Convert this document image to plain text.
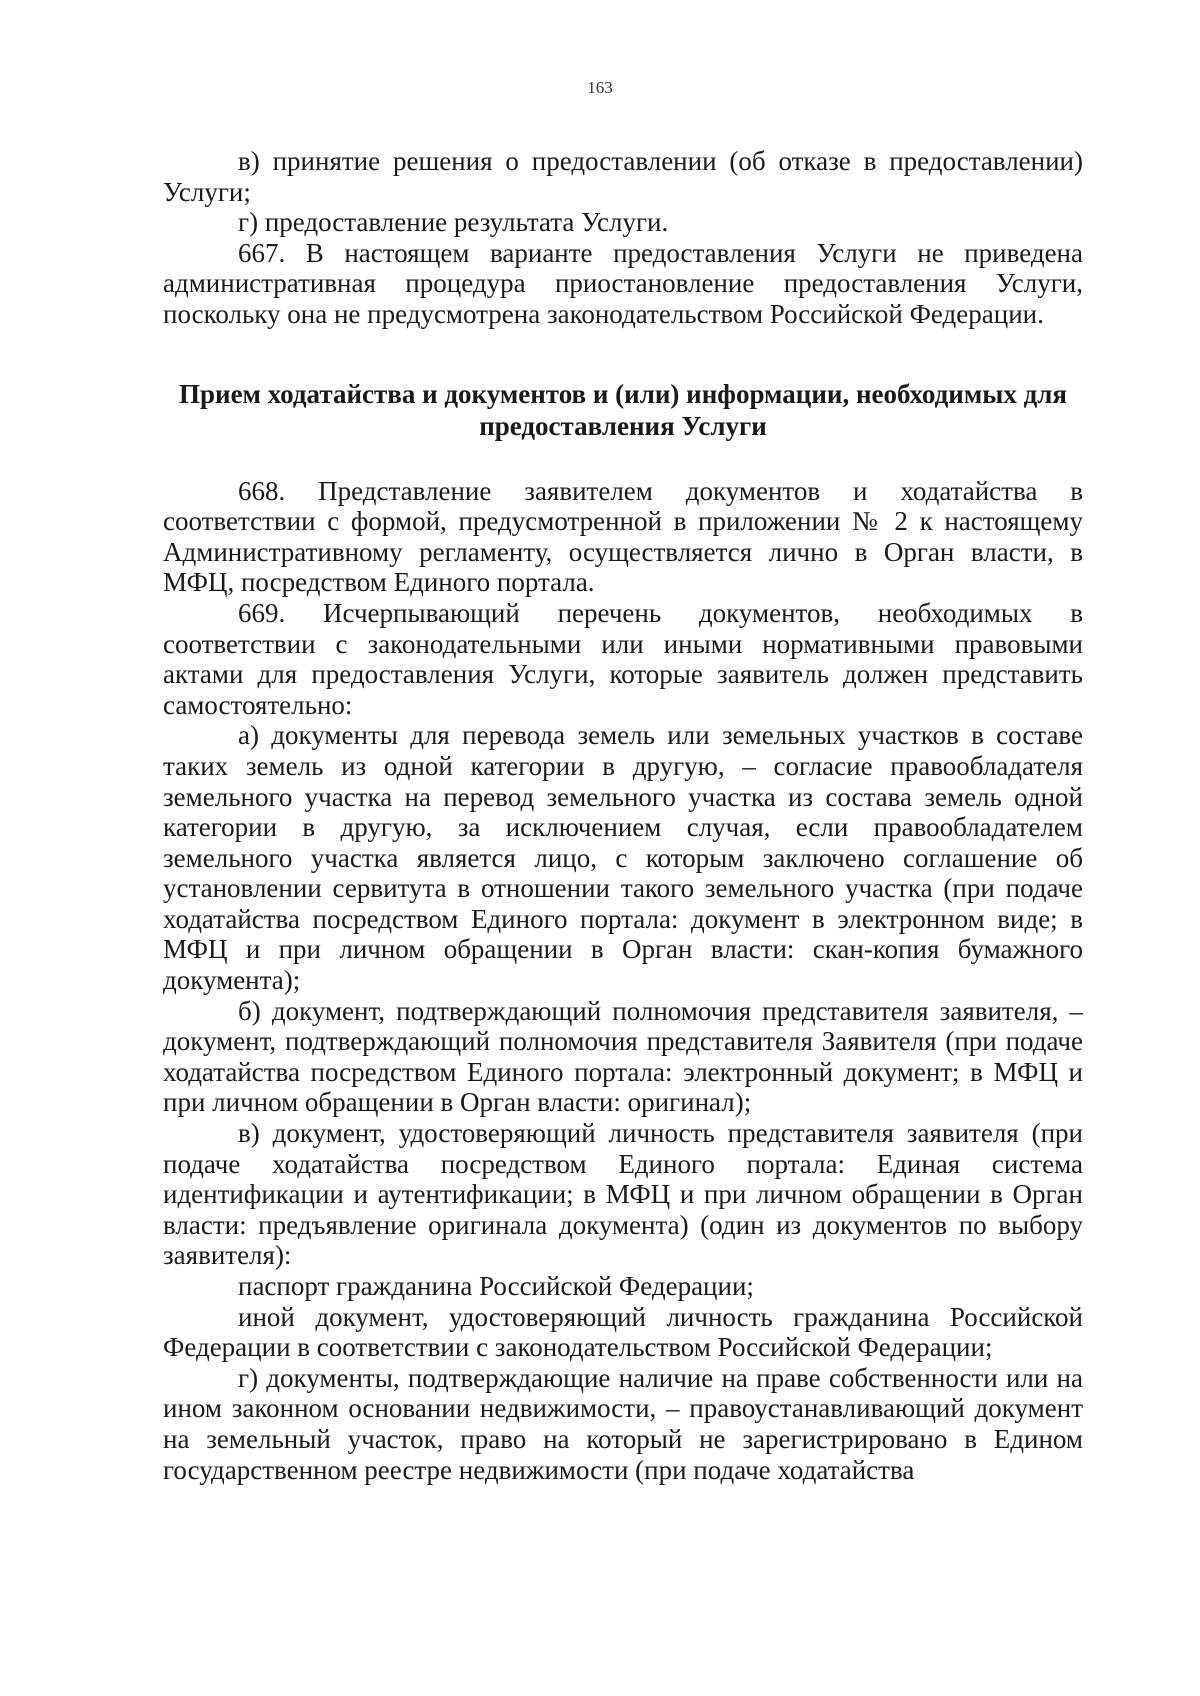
163

в) принятие решения о предоставлении (об отказе в предоставлении) Услуги;

г) предоставление результата Услуги.

667. В настоящем варианте предоставления Услуги не приведена административная процедура приостановление предоставления Услуги, поскольку она не предусмотрена законодательством Российской Федерации.

Прием ходатайства и документов и (или) информации, необходимых для предоставления Услуги

668. Представление заявителем документов и ходатайства в соответствии с формой, предусмотренной в приложении № 2 к настоящему Административному регламенту, осуществляется лично в Орган власти, в МФЦ, посредством Единого портала.

669. Исчерпывающий перечень документов, необходимых в соответствии с законодательными или иными нормативными правовыми актами для предоставления Услуги, которые заявитель должен представить самостоятельно:

а) документы для перевода земель или земельных участков в составе таких земель из одной категории в другую, – согласие правообладателя земельного участка на перевод земельного участка из состава земель одной категории в другую, за исключением случая, если правообладателем земельного участка является лицо, с которым заключено соглашение об установлении сервитута в отношении такого земельного участка (при подаче ходатайства посредством Единого портала: документ в электронном виде; в МФЦ и при личном обращении в Орган власти: скан-копия бумажного документа);

б) документ, подтверждающий полномочия представителя заявителя, – документ, подтверждающий полномочия представителя Заявителя (при подаче ходатайства посредством Единого портала: электронный документ; в МФЦ и при личном обращении в Орган власти: оригинал);

в) документ, удостоверяющий личность представителя заявителя (при подаче ходатайства посредством Единого портала: Единая система идентификации и аутентификации; в МФЦ и при личном обращении в Орган власти: предъявление оригинала документа) (один из документов по выбору заявителя):

паспорт гражданина Российской Федерации;

иной документ, удостоверяющий личность гражданина Российской Федерации в соответствии с законодательством Российской Федерации;

г) документы, подтверждающие наличие на праве собственности или на ином законном основании недвижимости, – правоустанавливающий документ на земельный участок, право на который не зарегистрировано в Едином государственном реестре недвижимости (при подаче ходатайства
